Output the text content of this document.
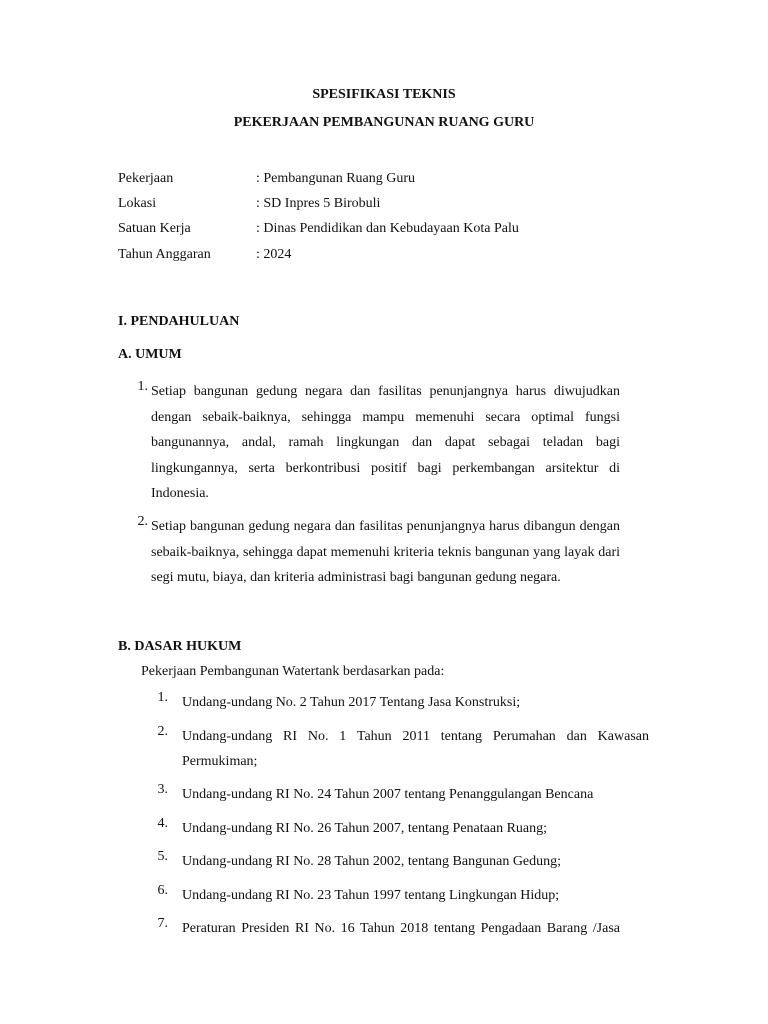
SPESIFIKASI TEKNIS
PEKERJAAN PEMBANGUNAN RUANG GURU
Pekerjaan	: Pembangunan Ruang Guru
Lokasi	: SD Inpres 5 Birobuli
Satuan Kerja	: Dinas Pendidikan dan Kebudayaan Kota Palu
Tahun Anggaran	: 2024
I. PENDAHULUAN
A. UMUM
1. Setiap bangunan gedung negara dan fasilitas penunjangnya harus diwujudkan dengan sebaik-baiknya, sehingga mampu memenuhi secara optimal fungsi bangunannya, andal, ramah lingkungan dan dapat sebagai teladan bagi lingkungannya, serta berkontribusi positif bagi perkembangan arsitektur di Indonesia.
2. Setiap bangunan gedung negara dan fasilitas penunjangnya harus dibangun dengan sebaik-baiknya, sehingga dapat memenuhi kriteria teknis bangunan yang layak dari segi mutu, biaya, dan kriteria administrasi bagi bangunan gedung negara.
B. DASAR HUKUM
Pekerjaan Pembangunan Watertank berdasarkan pada:
1. Undang-undang No. 2 Tahun 2017 Tentang Jasa Konstruksi;
2. Undang-undang RI No. 1 Tahun 2011 tentang Perumahan dan Kawasan Permukiman;
3. Undang-undang RI No. 24 Tahun 2007 tentang Penanggulangan Bencana
4. Undang-undang RI No. 26 Tahun 2007, tentang Penataan Ruang;
5. Undang-undang RI No. 28 Tahun 2002, tentang Bangunan Gedung;
6. Undang-undang RI No. 23 Tahun 1997 tentang Lingkungan Hidup;
7. Peraturan Presiden RI No. 16 Tahun 2018 tentang Pengadaan Barang /Jasa
